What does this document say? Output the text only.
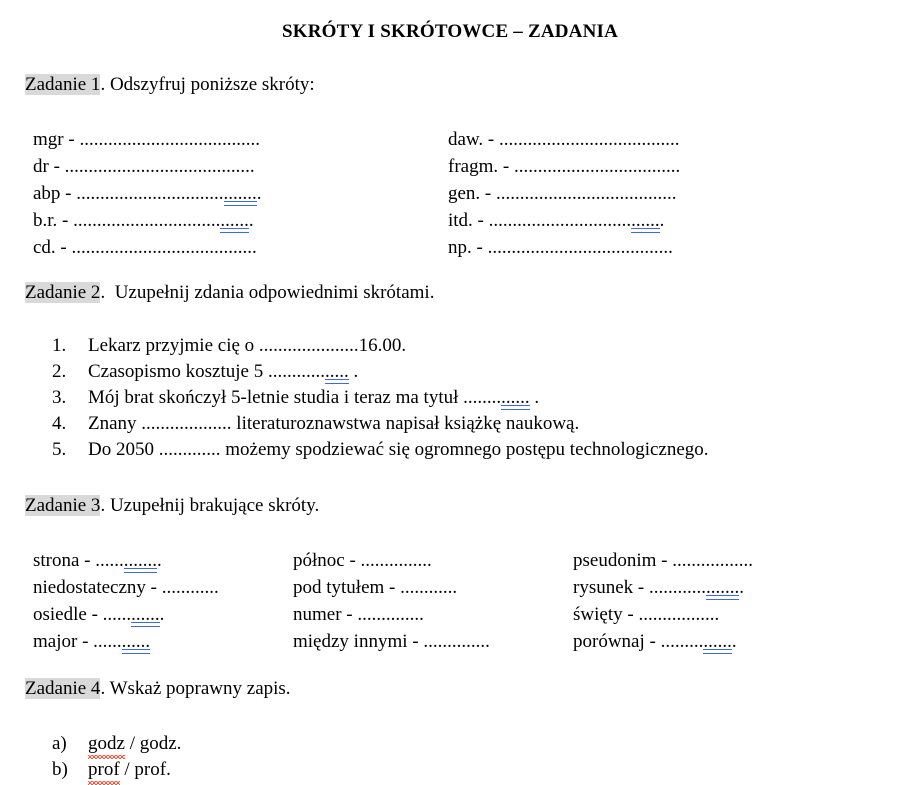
SKRÓTY I SKRÓTOWCE – ZADANIA
Zadanie 1. Odszyfruj poniższe skróty:
mgr - ......................................
dr - ........................................
abp - .......................................
b.r. - ......................................
cd. - .......................................
daw. - ......................................
fragm. - ...................................
gen. - ......................................
itd. - .....................................
np. - .......................................
Zadanie 2.  Uzupełnij zdania odpowiednimi skrótami.
1. Lekarz przyjmie cię o .....................16.00.
2. Czasopismo kosztuje 5 ................. .
3. Mój brat skończył 5-letnie studia i teraz ma tytuł .............. .
4. Znany ................... literaturoznawstwa napisał książkę naukową.
5. Do 2050 ............. możemy spodziewać się ogromnego postępu technologicznego.
Zadanie 3. Uzupełnij brakujące skróty.
strona - ..............
niedostateczny - ............
osiedle - .............
major - ............
północ - ...............
pod tytułem - ............
numer - ..............
między innymi - ..............
pseudonim - .................
rysunek - ....................
święty - .................
porównaj - ................
Zadanie 4. Wskaż poprawny zapis.
a) godz / godz.
b) prof / prof.
